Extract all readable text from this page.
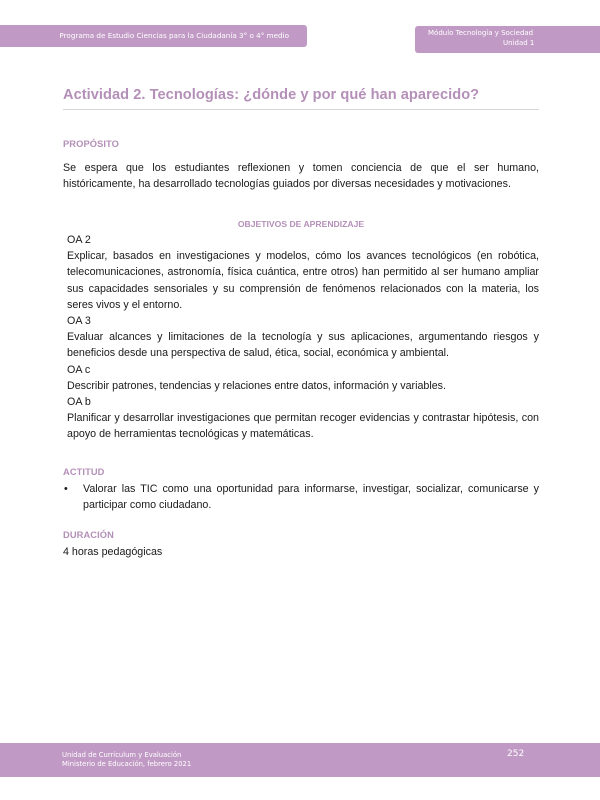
Programa de Estudio Ciencias para la Ciudadanía 3° o 4° medio	Módulo Tecnología y Sociedad
Unidad 1
Actividad 2. Tecnologías: ¿dónde y por qué han aparecido?
PROPÓSITO
Se espera que los estudiantes reflexionen y tomen conciencia de que el ser humano, históricamente, ha desarrollado tecnologías guiados por diversas necesidades y motivaciones.
OBJETIVOS DE APRENDIZAJE
OA 2
Explicar, basados en investigaciones y modelos, cómo los avances tecnológicos (en robótica, telecomunicaciones, astronomía, física cuántica, entre otros) han permitido al ser humano ampliar sus capacidades sensoriales y su comprensión de fenómenos relacionados con la materia, los seres vivos y el entorno.
OA 3
Evaluar alcances y limitaciones de la tecnología y sus aplicaciones, argumentando riesgos y beneficios desde una perspectiva de salud, ética, social, económica y ambiental.
OA c
Describir patrones, tendencias y relaciones entre datos, información y variables.
OA b
Planificar y desarrollar investigaciones que permitan recoger evidencias y contrastar hipótesis, con apoyo de herramientas tecnológicas y matemáticas.
ACTITUD
• Valorar las TIC como una oportunidad para informarse, investigar, socializar, comunicarse y participar como ciudadano.
DURACIÓN
4 horas pedagógicas
Unidad de Currículum y Evaluación
Ministerio de Educación, febrero 2021
252
